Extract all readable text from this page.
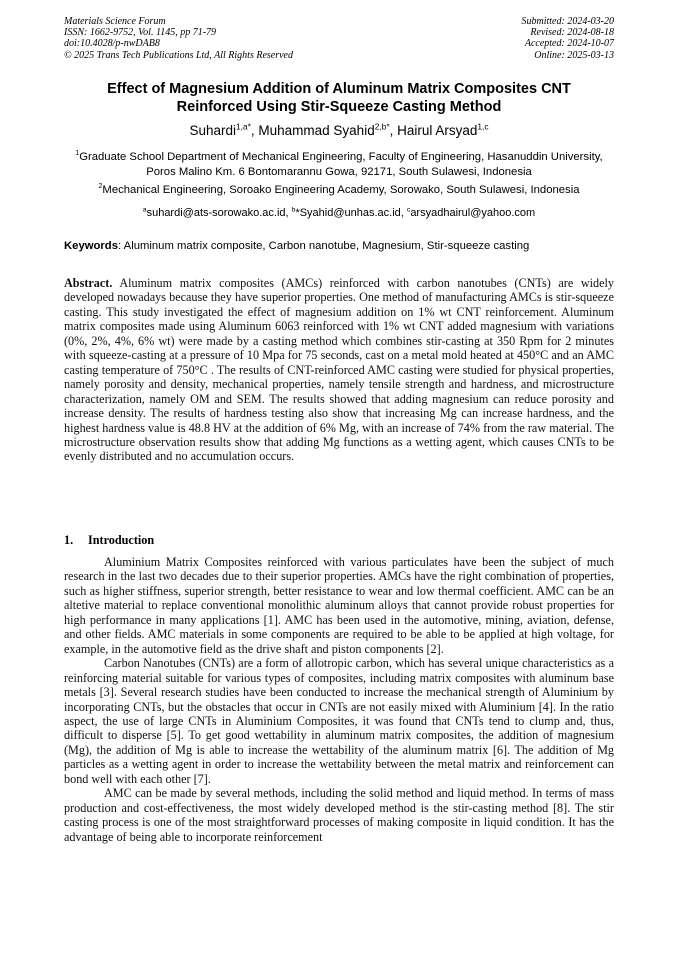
Materials Science Forum
ISSN: 1662-9752, Vol. 1145, pp 71-79
doi:10.4028/p-nwDAB8
© 2025 Trans Tech Publications Ltd, All Rights Reserved
Submitted: 2024-03-20
Revised: 2024-08-18
Accepted: 2024-10-07
Online: 2025-03-13
Effect of Magnesium Addition of Aluminum Matrix Composites CNT
Reinforced Using Stir-Squeeze Casting Method
Suhardi$^{1,a*}$, Muhammad Syahid$^{2,b*}$, Hairul Arsyad$^{1,c}$
$^1$Graduate School Department of Mechanical Engineering, Faculty of Engineering, Hasanuddin University, Poros Malino Km. 6 Bontomarannu Gowa, 92171, South Sulawesi, Indonesia
$^2$Mechanical Engineering, Soroako Engineering Academy, Sorowako, South Sulawesi, Indonesia
$^a$suhardi@ats-sorowako.ac.id, $^b$*Syahid@unhas.ac.id, $^c$arsyadhairul@yahoo.com
Keywords: Aluminum matrix composite, Carbon nanotube, Magnesium, Stir-squeeze casting
Abstract. Aluminum matrix composites (AMCs) reinforced with carbon nanotubes (CNTs) are widely developed nowadays because they have superior properties. One method of manufacturing AMCs is stir-squeeze casting. This study investigated the effect of magnesium addition on 1% wt CNT reinforcement. Aluminum matrix composites made using Aluminum 6063 reinforced with 1% wt CNT added magnesium with variations (0%, 2%, 4%, 6% wt) were made by a casting method which combines stir-casting at 350 Rpm for 2 minutes with squeeze-casting at a pressure of 10 Mpa for 75 seconds, cast on a metal mold heated at 450°C and an AMC casting temperature of 750°C . The results of CNT-reinforced AMC casting were studied for physical properties, namely porosity and density, mechanical properties, namely tensile strength and hardness, and microstructure characterization, namely OM and SEM. The results showed that adding magnesium can reduce porosity and increase density. The results of hardness testing also show that increasing Mg can increase hardness, and the highest hardness value is 48.8 HV at the addition of 6% Mg, with an increase of 74% from the raw material. The microstructure observation results show that adding Mg functions as a wetting agent, which causes CNTs to be evenly distributed and no accumulation occurs.
1. Introduction

Aluminium Matrix Composites reinforced with various particulates have been the subject of much research in the last two decades due to their superior properties. AMCs have the right combination of properties, such as higher stiffness, superior strength, better resistance to wear and low thermal coefficient. AMC can be an altetive material to replace conventional monolithic aluminum alloys that cannot provide robust properties for high performance in many applications [1]. AMC has been used in the automotive, mining, aviation, defense, and other fields. AMC materials in some components are required to be able to be applied at high voltage, for example, in the automotive field as the drive shaft and piston components [2].

Carbon Nanotubes (CNTs) are a form of allotropic carbon, which has several unique characteristics as a reinforcing material suitable for various types of composites, including matrix composites with aluminum base metals [3]. Several research studies have been conducted to increase the mechanical strength of Aluminium by incorporating CNTs, but the obstacles that occur in CNTs are not easily mixed with Aluminium [4]. In the ratio aspect, the use of large CNTs in Aluminium Composites, it was found that CNTs tend to clump and, thus, difficult to disperse [5]. To get good wettability in aluminum matrix composites, the addition of magnesium (Mg), the addition of Mg is able to increase the wettability of the aluminum matrix [6]. The addition of Mg particles as a wetting agent in order to increase the wettability between the metal matrix and reinforcement can bond well with each other [7].

AMC can be made by several methods, including the solid method and liquid method. In terms of mass production and cost-effectiveness, the most widely developed method is the stir-casting method [8]. The stir casting process is one of the most straightforward processes of making composite in liquid condition. It has the advantage of being able to incorporate reinforcement
